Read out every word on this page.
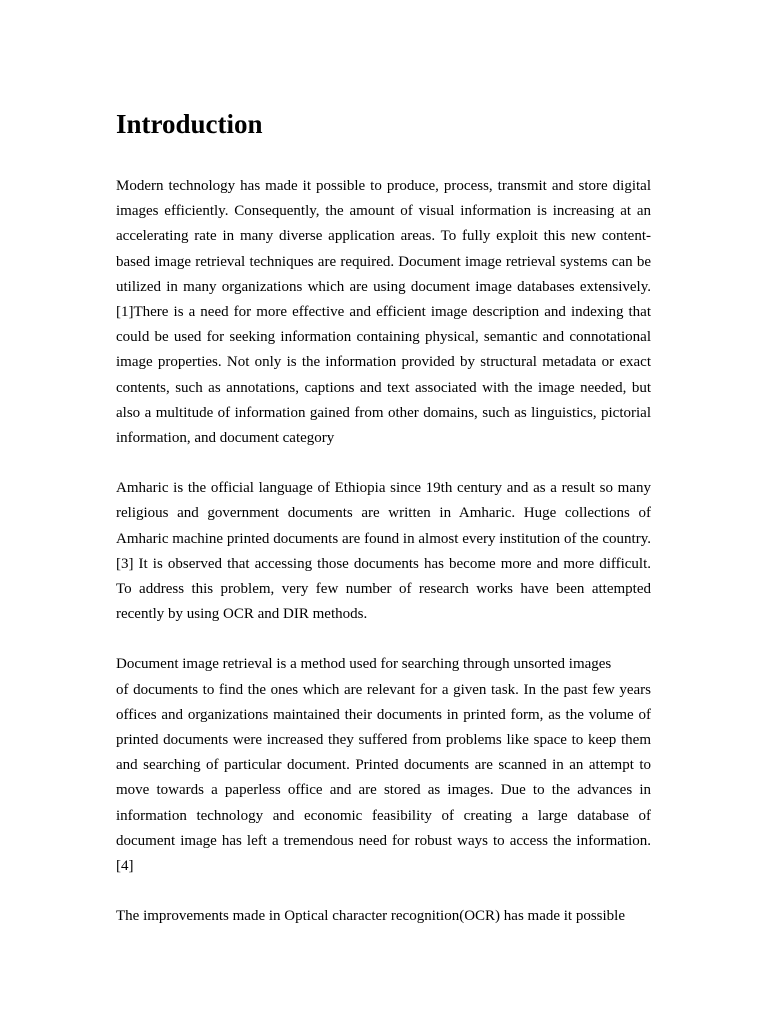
Introduction

Modern technology has made it possible to produce, process, transmit and store digital images efficiently. Consequently, the amount of visual information is increasing at an accelerating rate in many diverse application areas. To fully exploit this new content-based image retrieval techniques are required. Document image retrieval systems can be utilized in many organizations which are using document image databases extensively.[1]There is a need for more effective and efficient image description and indexing that could be used for seeking information containing physical, semantic and connotational image properties. Not only is the information provided by structural metadata or exact contents, such as annotations, captions and text associated with the image needed, but also a multitude of information gained from other domains, such as linguistics, pictorial information, and document category

Amharic is the official language of Ethiopia since 19th century and as a result so many religious and government documents are written in Amharic. Huge collections of Amharic machine printed documents are found in almost every institution of the country.[3] It is observed that accessing those documents has become more and more difficult. To address this problem, very few number of research works have been attempted recently by using OCR and DIR methods.

Document image retrieval is a method used for searching through unsorted images
of documents to find the ones which are relevant for a given task. In the past few years offices and organizations maintained their documents in printed form, as the volume of printed documents were increased they suffered from problems like space to keep them and searching of particular document. Printed documents are scanned in an attempt to move towards a paperless office and are stored as images. Due to the advances in information technology and economic feasibility of creating a large database of document image has left a tremendous need for robust ways to access the information.[4]

The improvements made in Optical character recognition(OCR) has made it possible
